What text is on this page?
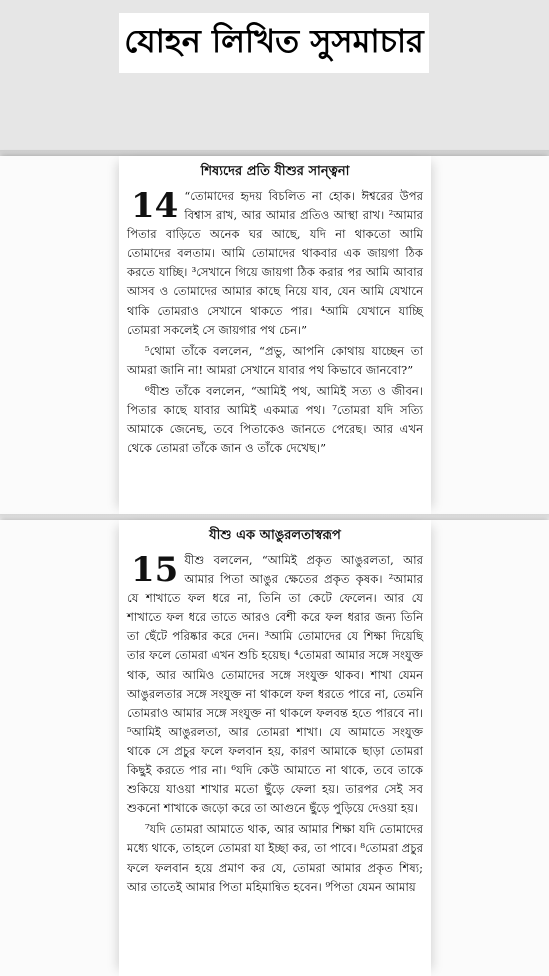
যোহন লিখিত সুসমাচার
শিষ্যদের প্রতি যীশুর সান্ত্বনা
14 “তোমাদের হৃদয় বিচলিত না হোক। ঈশ্বরের উপর বিশ্বাস রাখ, আর আমার প্রতিও আস্থা রাখ। ²আমার পিতার বাড়িতে অনেক ঘর আছে, যদি না থাকতো আমি তোমাদের বলতাম। আমি তোমাদের থাকবার এক জায়গা ঠিক করতে যাচ্ছি। ³সেখানে গিয়ে জায়গা ঠিক করার পর আমি আবার আসব ও তোমাদের আমার কাছে নিয়ে যাব, যেন আমি যেখানে থাকি তোমরাও সেখানে থাকতে পার। ⁴আমি যেখানে যাচ্ছি তোমরা সকলেই সে জায়গার পথ চেন।”
⁵থোমা তাঁকে বললেন, “প্রভু, আপনি কোথায় যাচ্ছেন তা আমরা জানি না! আমরা সেখানে যাবার পথ কিভাবে জানবো?”
⁶যীশু তাঁকে বললেন, “আমিই পথ, আমিই সত্য ও জীবন। পিতার কাছে যাবার আমিই একমাত্র পথ। ⁷তোমরা যদি সত্যি আমাকে জেনেছ, তবে পিতাকেও জানতে পেরেছ। আর এখন থেকে তোমরা তাঁকে জান ও তাঁকে দেখেছ।”
যীশু এক আঙুরলতাস্বরূপ
15 যীশু বললেন, “আমিই প্রকৃত আঙুরলতা, আর আমার পিতা আঙুর ক্ষেতের প্রকৃত কৃষক। ²আমার যে শাখাতে ফল ধরে না, তিনি তা কেটে ফেলেন। আর যে শাখাতে ফল ধরে তাতে আরও বেশী করে ফল ধরার জন্য তিনি তা ছেঁটে পরিষ্কার করে দেন। ³আমি তোমাদের যে শিক্ষা দিয়েছি তার ফলে তোমরা এখন শুচি হয়েছ। ⁴তোমরা আমার সঙ্গে সংযুক্ত থাক, আর আমিও তোমাদের সঙ্গে সংযুক্ত থাকব। শাখা যেমন আঙুরলতার সঙ্গে সংযুক্ত না থাকলে ফল ধরতে পারে না, তেমনি তোমরাও আমার সঙ্গে সংযুক্ত না থাকলে ফলবন্ত হতে পারবে না। ⁵আমিই আঙুরলতা, আর তোমরা শাখা। যে আমাতে সংযুক্ত থাকে সে প্রচুর ফলে ফলবান হয়, কারণ আমাকে ছাড়া তোমরা কিছুই করতে পার না। ⁶যদি কেউ আমাতে না থাকে, তবে তাকে শুকিয়ে যাওয়া শাখার মতো ছুঁড়ে ফেলা হয়। তারপর সেই সব শুকনো শাখাকে জড়ো করে তা আগুনে ছুঁড়ে পুড়িয়ে দেওয়া হয়।
⁷যদি তোমরা আমাতে থাক, আর আমার শিক্ষা যদি তোমাদের মধ্যে থাকে, তাহলে তোমরা যা ইচ্ছা কর, তা পাবে। ⁸তোমরা প্রচুর ফলে ফলবান হয়ে প্রমাণ কর যে, তোমরা আমার প্রকৃত শিষ্য; আর তাতেই আমার পিতা মহিমান্বিত হবেন। ⁹পিতা যেমন আমায়
